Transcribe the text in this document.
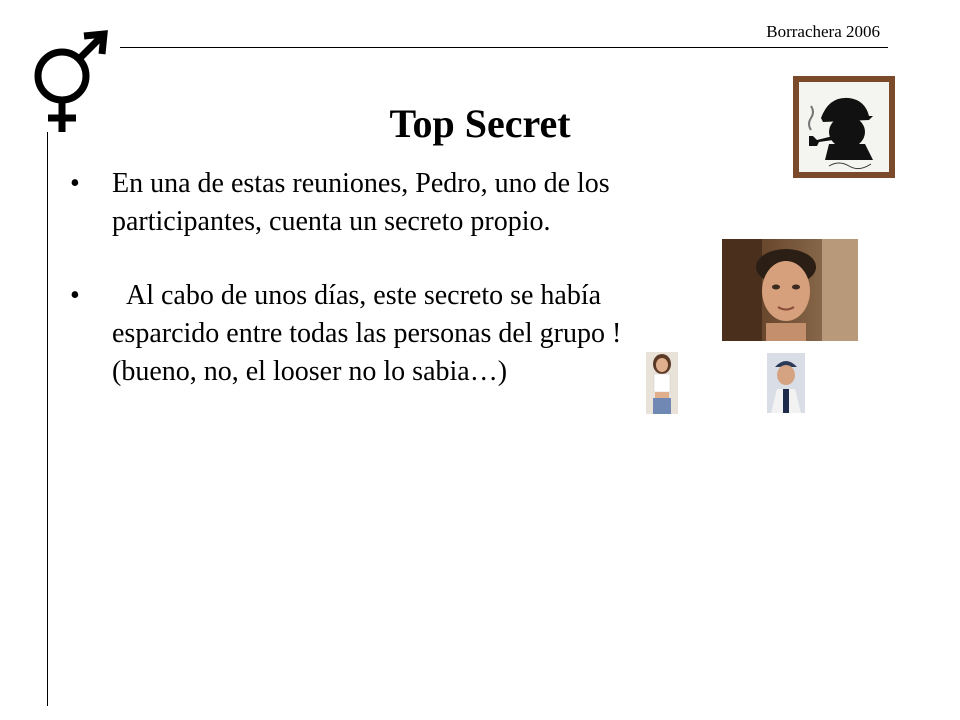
Borrachera 2006
Top Secret
• En una de estas reuniones, Pedro, uno de los participantes, cuenta un secreto propio.
• Al cabo de unos días, este secreto se había esparcido entre todas las personas del grupo !(bueno, no, el looser no lo sabia…)
